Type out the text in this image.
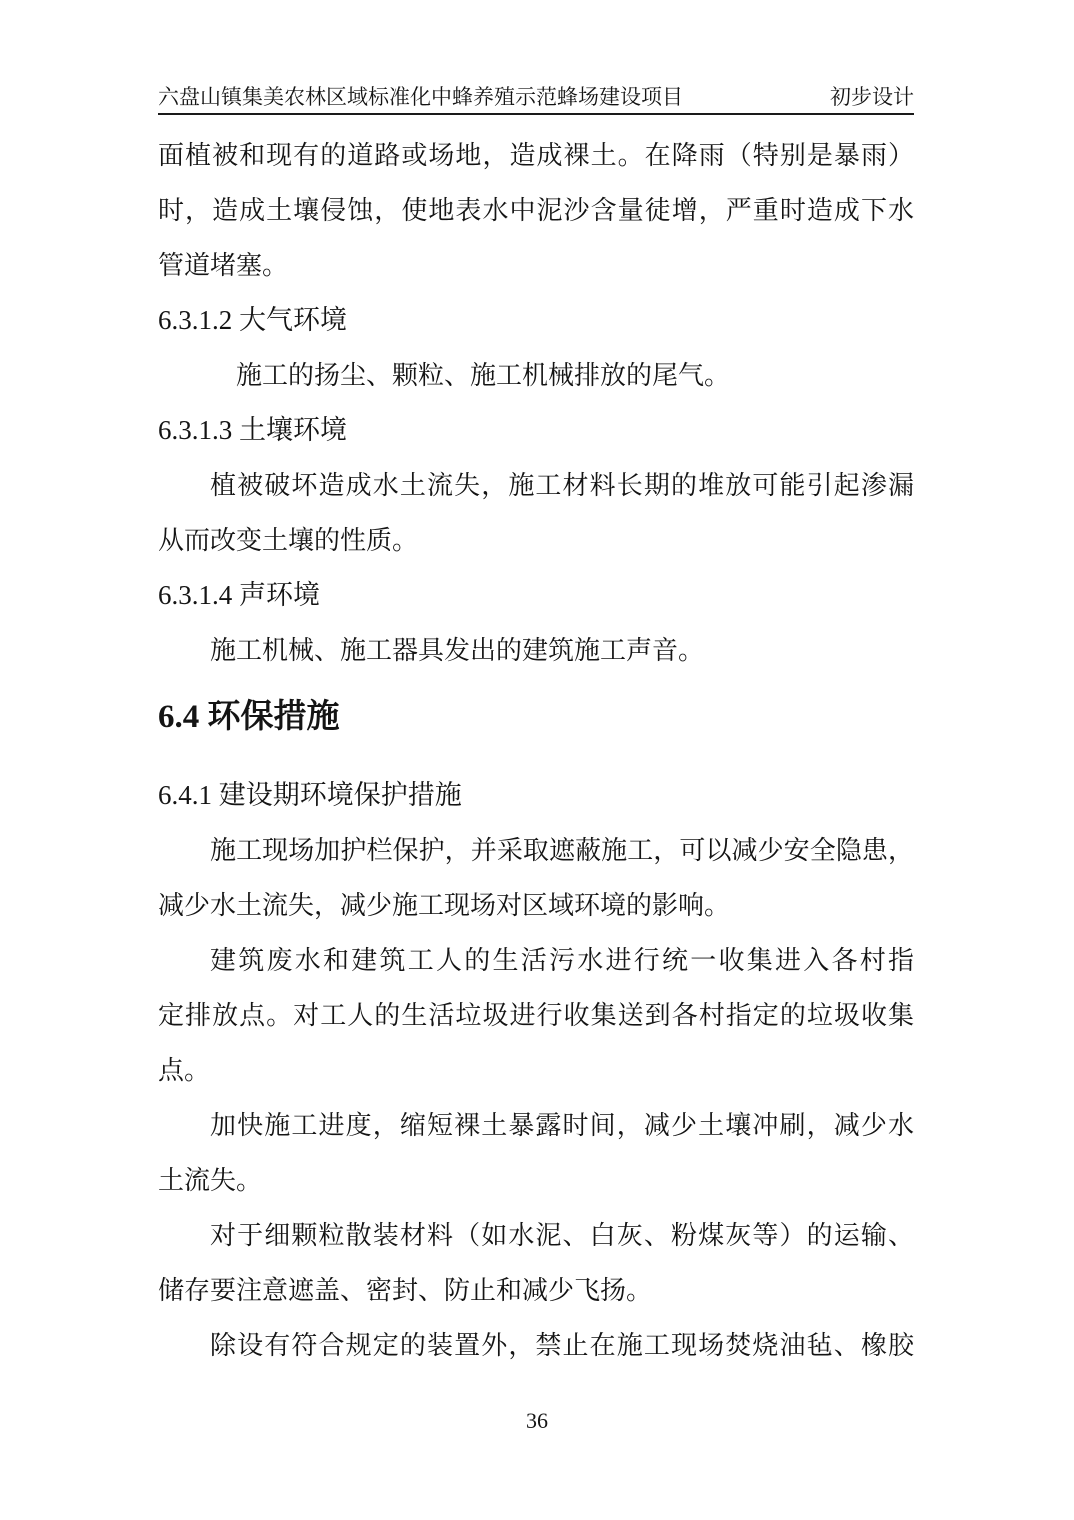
六盘山镇集美农林区域标准化中蜂养殖示范蜂场建设项目	初步设计
面植被和现有的道路或场地，造成裸土。在降雨（特别是暴雨）
时，造成土壤侵蚀，使地表水中泥沙含量徒增，严重时造成下水
管道堵塞。
6.3.1.2 大气环境
施工的扬尘、颗粒、施工机械排放的尾气。
6.3.1.3 土壤环境
植被破坏造成水土流失，施工材料长期的堆放可能引起渗漏
从而改变土壤的性质。
6.3.1.4 声环境
施工机械、施工器具发出的建筑施工声音。
6.4 环保措施
6.4.1 建设期环境保护措施
施工现场加护栏保护，并采取遮蔽施工，可以减少安全隐患，
减少水土流失，减少施工现场对区域环境的影响。
建筑废水和建筑工人的生活污水进行统一收集进入各村指
定排放点。对工人的生活垃圾进行收集送到各村指定的垃圾收集
点。
加快施工进度，缩短裸土暴露时间，减少土壤冲刷，减少水
土流失。
对于细颗粒散装材料（如水泥、白灰、粉煤灰等）的运输、
储存要注意遮盖、密封、防止和减少飞扬。
除设有符合规定的装置外，禁止在施工现场焚烧油毡、橡胶
36
